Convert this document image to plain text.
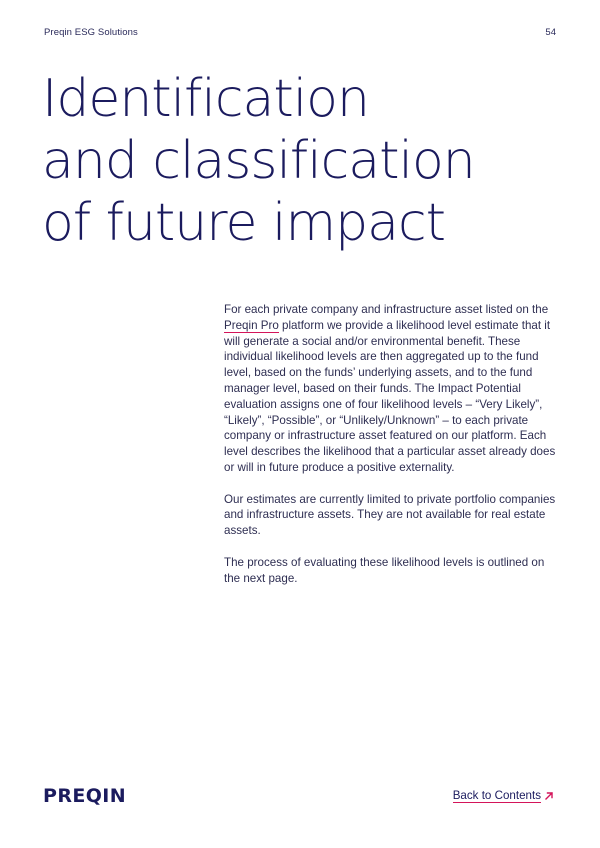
Preqin ESG Solutions	54
Identification
and classification
of future impact

For each private company and infrastructure asset listed on the Preqin Pro platform we provide a likelihood level estimate that it will generate a social and/or environmental benefit. These individual likelihood levels are then aggregated up to the fund level, based on the funds’ underlying assets, and to the fund manager level, based on their funds. The Impact Potential evaluation assigns one of four likelihood levels – “Very Likely”, “Likely”, “Possible”, or “Unlikely/Unknown” – to each private company or infrastructure asset featured on our platform. Each level describes the likelihood that a particular asset already does or will in future produce a positive externality.

Our estimates are currently limited to private portfolio companies and infrastructure assets. They are not available for real estate assets.

The process of evaluating these likelihood levels is outlined on the next page.

PREQIN	Back to Contents
